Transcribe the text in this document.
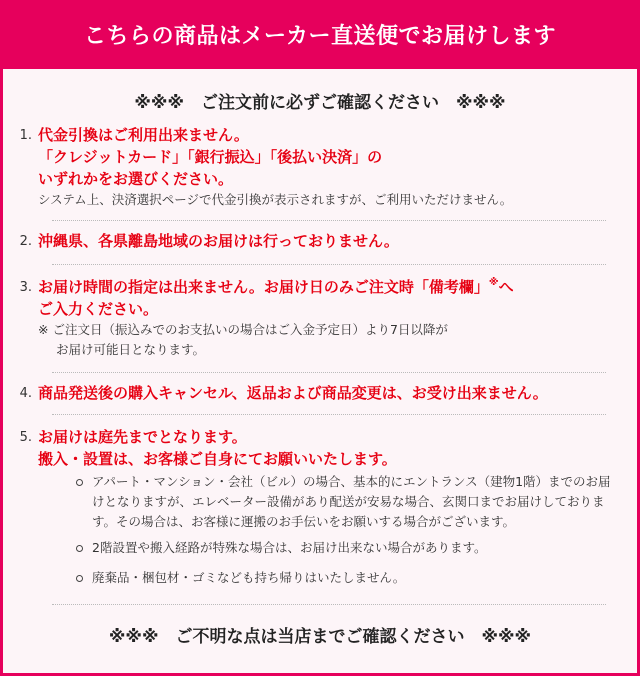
こちらの商品はメーカー直送便でお届けします
※※※　ご注文前に必ずご確認ください　※※※
1. 代金引換はご利用出来ません。
「クレジットカード」「銀行振込」「後払い決済」の
いずれかをお選びください。
システム上、決済選択ページで代金引換が表示されますが、ご利用いただけません。
2. 沖縄県、各県離島地域のお届けは行っておりません。
3. お届け時間の指定は出来ません。お届け日のみご注文時「備考欄」※へ
ご入力ください。
※ ご注文日（振込みでのお支払いの場合はご入金予定日）より7日以降が
お届け可能日となります。
4. 商品発送後の購入キャンセル、返品および商品変更は、お受け出来ません。
5. お届けは庭先までとなります。
搬入・設置は、お客様ご自身にてお願いいたします。
アパート・マンション・会社（ビル）の場合、基本的にエントランス（建物1階）までのお届けとなりますが、エレベーター設備があり配送が安易な場合、玄関口までお届けしております。その場合は、お客様に運搬のお手伝いをお願いする場合がございます。
2階設置や搬入経路が特殊な場合は、お届け出来ない場合があります。
廃棄品・梱包材・ゴミなども持ち帰りはいたしません。
※※※　ご不明な点は当店までご確認ください　※※※
